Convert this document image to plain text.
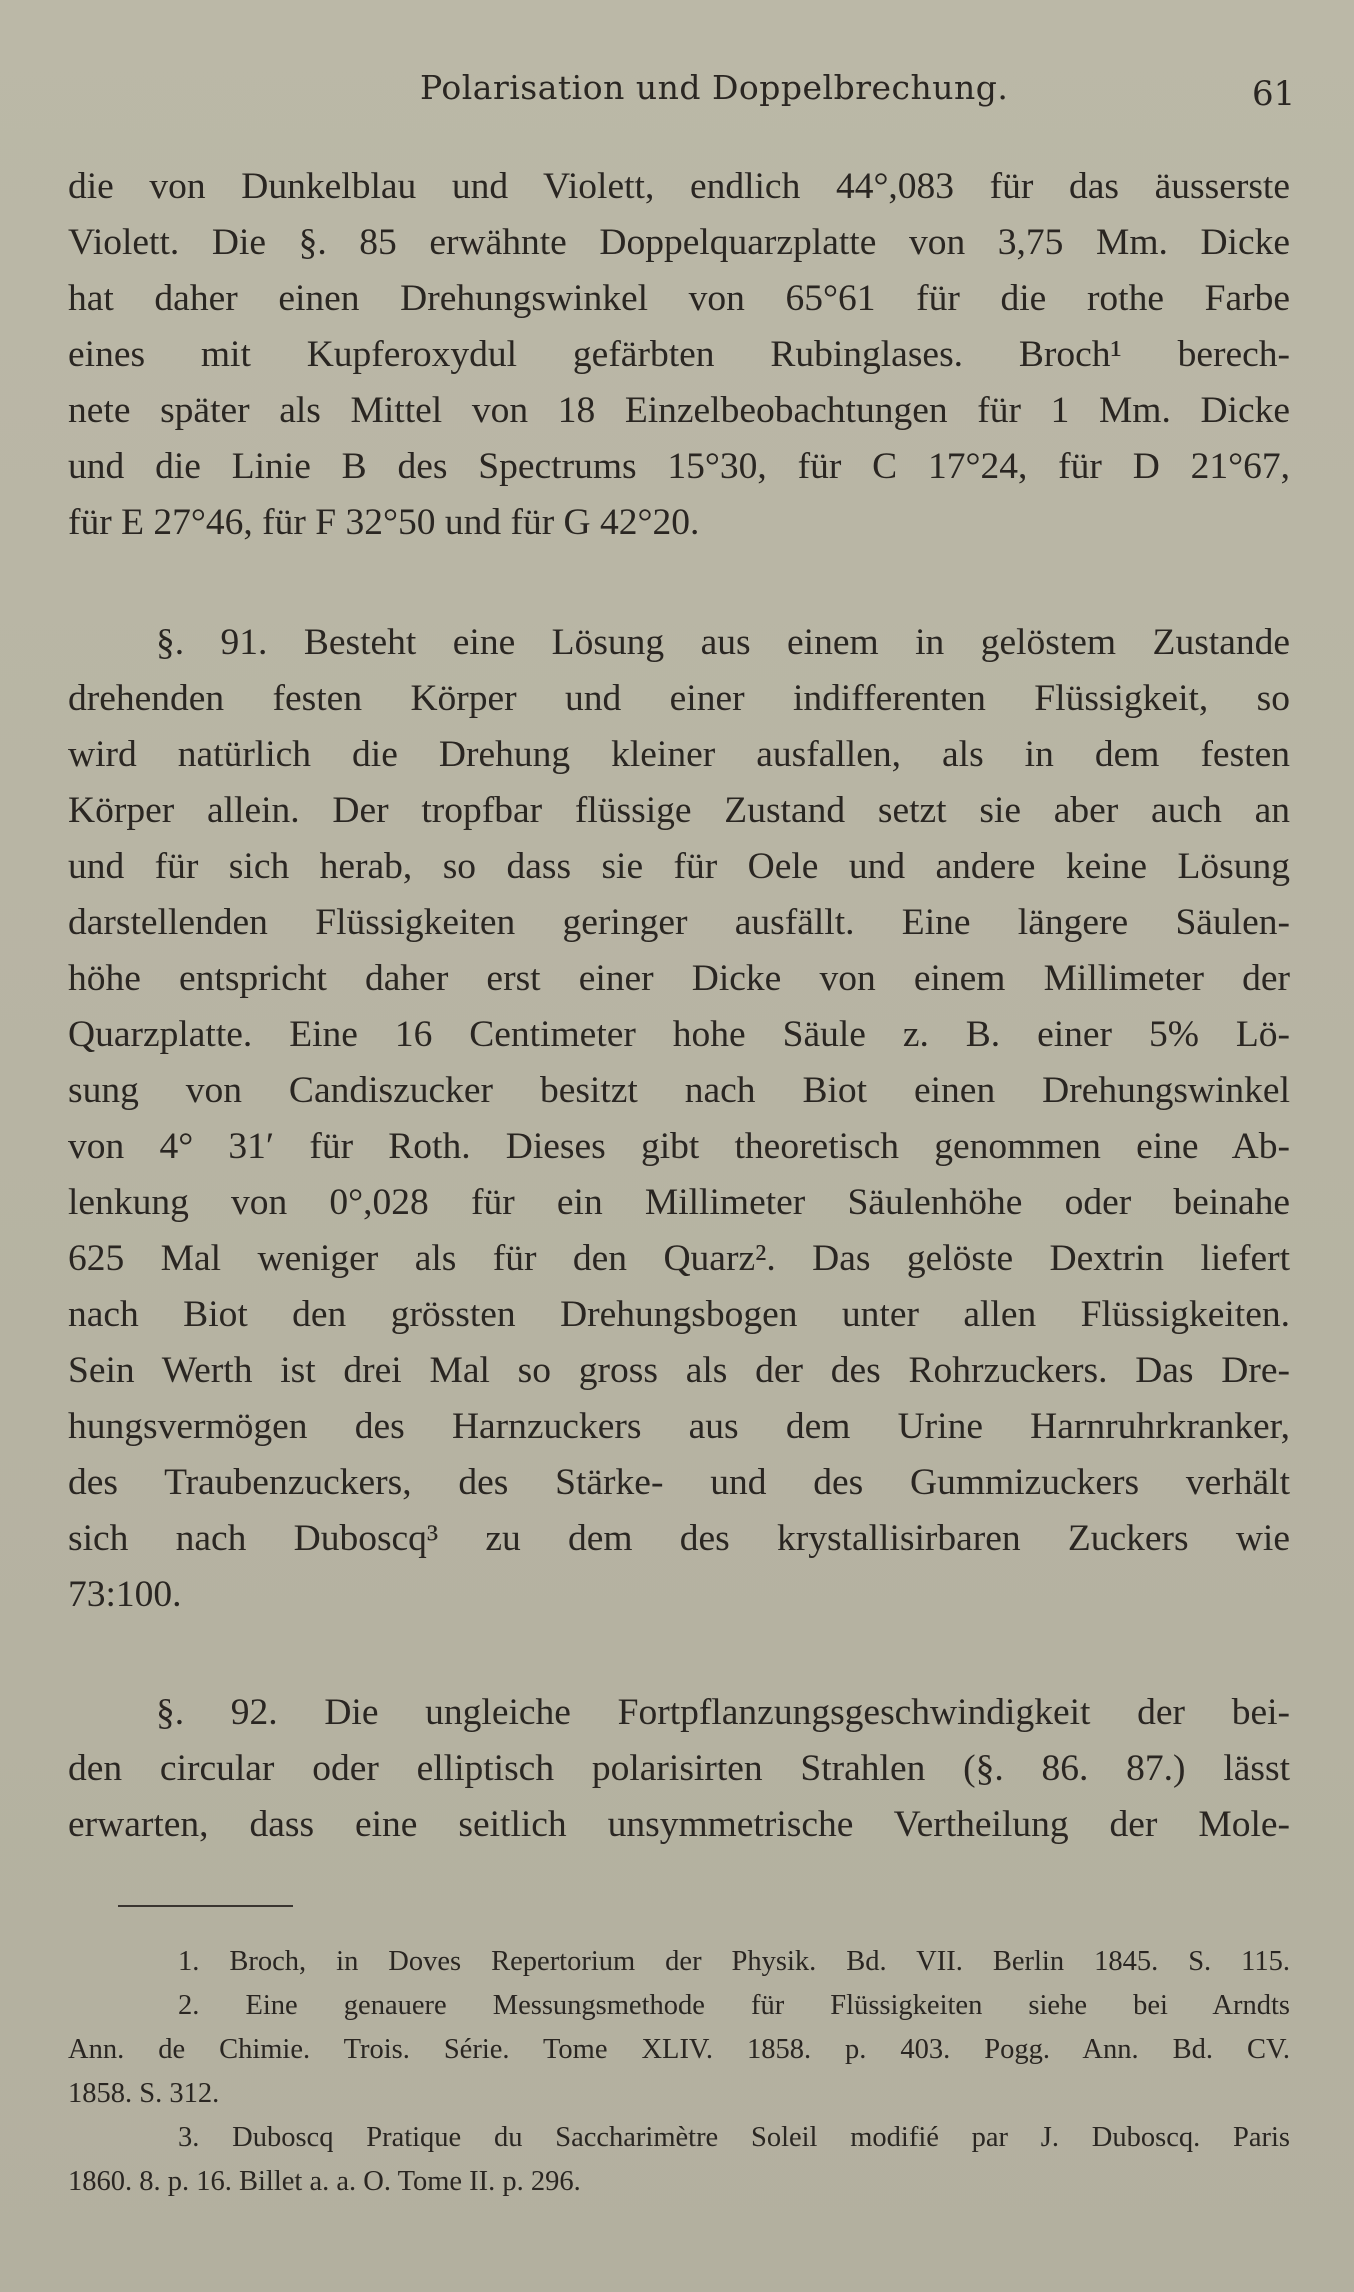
Polarisation und Doppelbrechung.	61
die von Dunkelblau und Violett, endlich 44°,083 für das äusserste
Violett. Die §. 85 erwähnte Doppelquarzplatte von 3,75 Mm. Dicke
hat daher einen Drehungswinkel von 65°61 für die rothe Farbe
eines mit Kupferoxydul gefärbten Rubinglases. Broch¹ berech-
nete später als Mittel von 18 Einzelbeobachtungen für 1 Mm. Dicke
und die Linie B des Spectrums 15°30, für C 17°24, für D 21°67,
für E 27°46, für F 32°50 und für G 42°20.
§. 91. Besteht eine Lösung aus einem in gelöstem Zustande
drehenden festen Körper und einer indifferenten Flüssigkeit, so
wird natürlich die Drehung kleiner ausfallen, als in dem festen
Körper allein. Der tropfbar flüssige Zustand setzt sie aber auch an
und für sich herab, so dass sie für Oele und andere keine Lösung
darstellenden Flüssigkeiten geringer ausfällt. Eine längere Säulen-
höhe entspricht daher erst einer Dicke von einem Millimeter der
Quarzplatte. Eine 16 Centimeter hohe Säule z. B. einer 5% Lö-
sung von Candiszucker besitzt nach Biot einen Drehungswinkel
von 4° 31′ für Roth. Dieses gibt theoretisch genommen eine Ab-
lenkung von 0°,028 für ein Millimeter Säulenhöhe oder beinahe
625 Mal weniger als für den Quarz². Das gelöste Dextrin liefert
nach Biot den grössten Drehungsbogen unter allen Flüssigkeiten.
Sein Werth ist drei Mal so gross als der des Rohrzuckers. Das Dre-
hungsvermögen des Harnzuckers aus dem Urine Harnruhrkranker,
des Traubenzuckers, des Stärke- und des Gummizuckers verhält
sich nach Duboscq³ zu dem des krystallisirbaren Zuckers wie
73:100.
§. 92. Die ungleiche Fortpflanzungsgeschwindigkeit der bei-
den circular oder elliptisch polarisirten Strahlen (§. 86. 87.) lässt
erwarten, dass eine seitlich unsymmetrische Vertheilung der Mole-
1. Broch, in Doves Repertorium der Physik. Bd. VII. Berlin 1845. S. 115.
2. Eine genauere Messungsmethode für Flüssigkeiten siehe bei Arndts
Ann. de Chimie. Trois. Série. Tome XLIV. 1858. p. 403. Pogg. Ann. Bd. CV.
1858. S. 312.
3. Duboscq Pratique du Saccharimètre Soleil modifié par J. Duboscq. Paris
1860. 8. p. 16. Billet a. a. O. Tome II. p. 296.
